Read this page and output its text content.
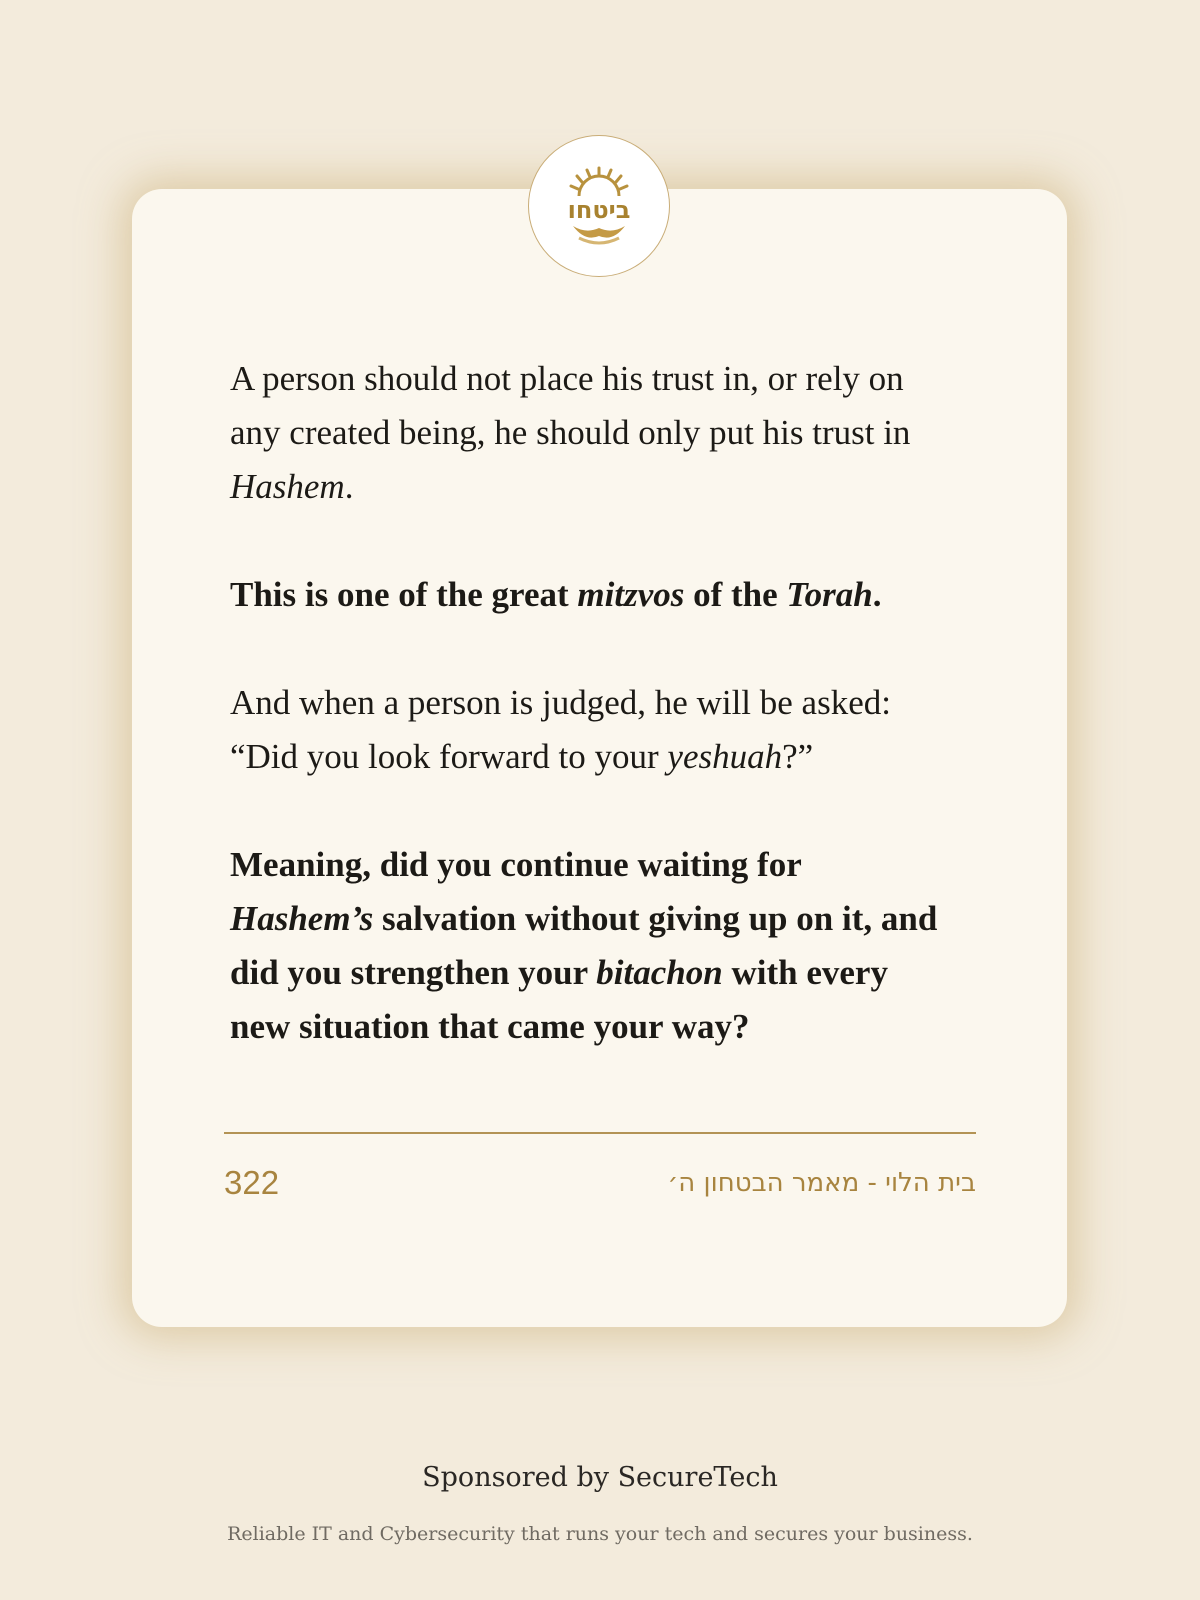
ביטחו

A person should not place his trust in, or rely on any created being, he should only put his trust in Hashem.

This is one of the great mitzvos of the Torah.

And when a person is judged, he will be asked:
“Did you look forward to your yeshuah?”

Meaning, did you continue waiting for Hashem’s salvation without giving up on it, and did you strengthen your bitachon with every new situation that came your way?

322	בית הלוי - מאמר הבטחון ה׳
Sponsored by SecureTech
Reliable IT and Cybersecurity that runs your tech and secures your business.
